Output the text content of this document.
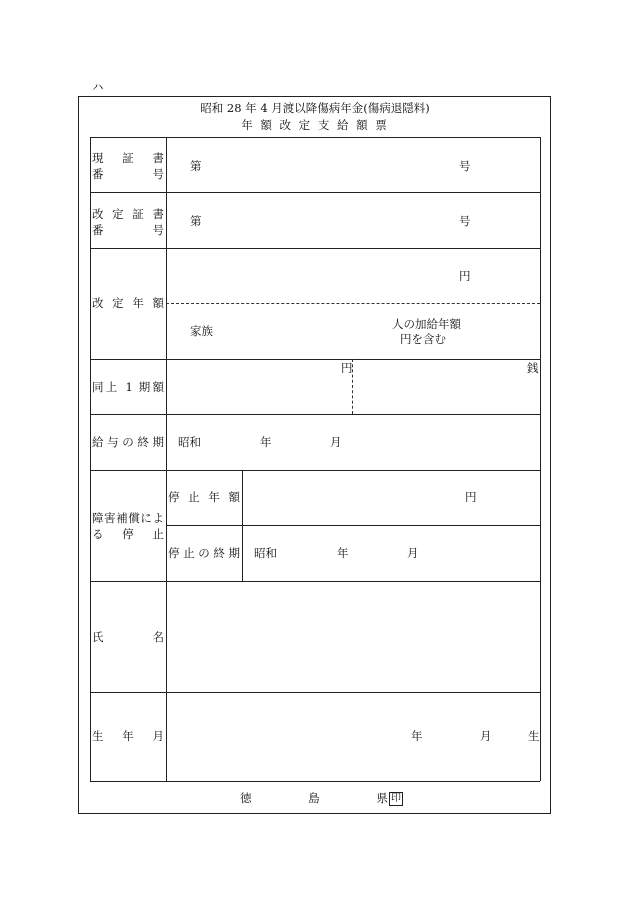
ハ
昭和 28 年 4 月渡以降傷病年金(傷病退隠料)
年 額 改 定 支 給 額 票
現 証 書
番 号
第	号
改定証書
番 号
第	号
改 定 年 額
円
家族	人の加給年額
円を含む
同上 1 期額
円	銭
給与の終期 昭和	年	月
障害補償によ
る 停 止
停 止 年 額	円
停止の終期 昭和	年	月
氏 名
生 年 月	年	月	生
徳 島 県 印
